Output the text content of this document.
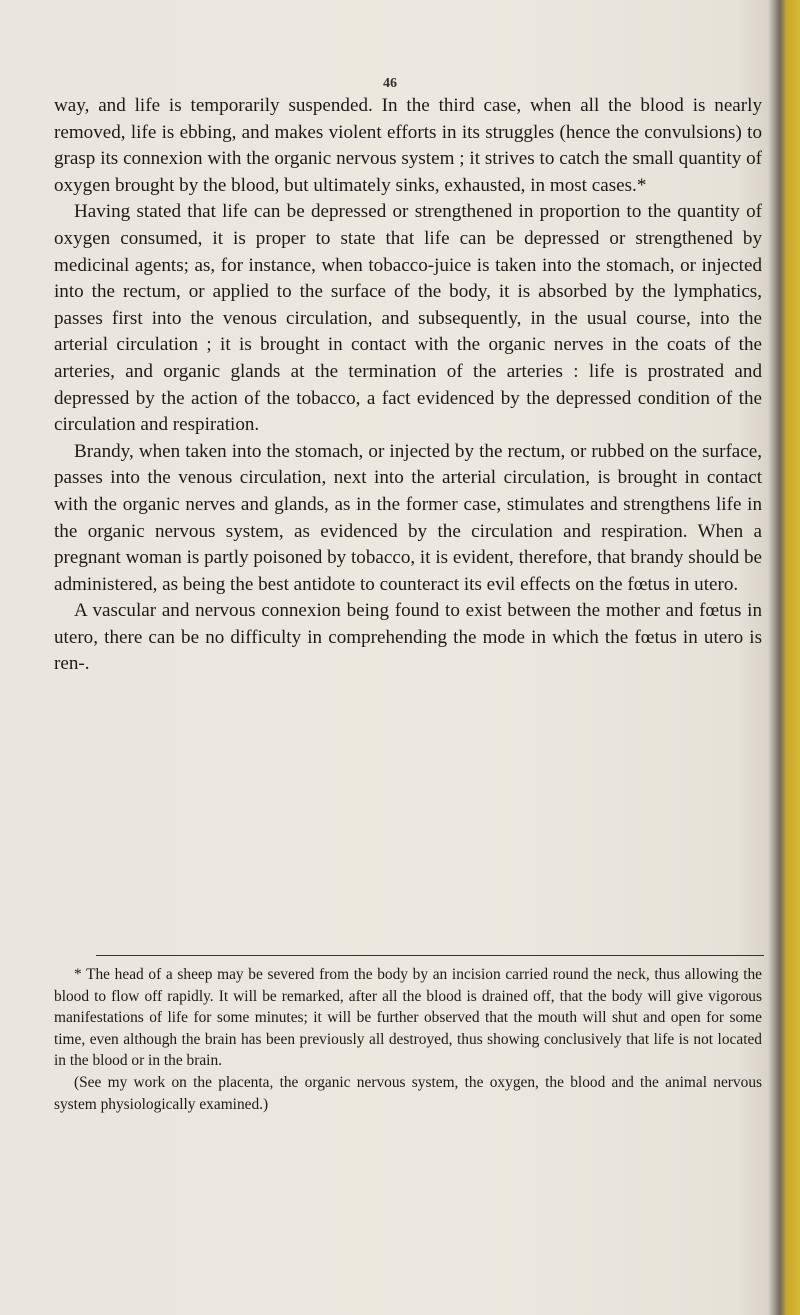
46

way, and life is temporarily suspended. In the third case, when all the blood is nearly removed, life is ebbing, and makes violent efforts in its struggles (hence the convulsions) to grasp its connexion with the organic nervous system ; it strives to catch the small quantity of oxygen brought by the blood, but ultimately sinks, exhausted, in most cases.*

Having stated that life can be depressed or strengthened in proportion to the quantity of oxygen consumed, it is proper to state that life can be depressed or strengthened by medicinal agents; as, for instance, when tobacco-juice is taken into the stomach, or injected into the rectum, or applied to the surface of the body, it is absorbed by the lymphatics, passes first into the venous circulation, and subsequently, in the usual course, into the arterial circulation ; it is brought in contact with the organic nerves in the coats of the arteries, and organic glands at the termination of the arteries : life is prostrated and depressed by the action of the tobacco, a fact evidenced by the depressed condition of the circulation and respiration.

Brandy, when taken into the stomach, or injected by the rectum, or rubbed on the surface, passes into the venous circulation, next into the arterial circulation, is brought in contact with the organic nerves and glands, as in the former case, stimulates and strengthens life in the organic nervous system, as evidenced by the circulation and respiration. When a pregnant woman is partly poisoned by tobacco, it is evident, therefore, that brandy should be administered, as being the best antidote to counteract its evil effects on the fœtus in utero.

A vascular and nervous connexion being found to exist between the mother and fœtus in utero, there can be no difficulty in comprehending the mode in which the fœtus in utero is ren-.

* The head of a sheep may be severed from the body by an incision carried round the neck, thus allowing the blood to flow off rapidly. It will be remarked, after all the blood is drained off, that the body will give vigorous manifestations of life for some minutes; it will be further observed that the mouth will shut and open for some time, even although the brain has been previously all destroyed, thus showing conclusively that life is not located in the blood or in the brain.

(See my work on the placenta, the organic nervous system, the oxygen, the blood and the animal nervous system physiologically examined.)
